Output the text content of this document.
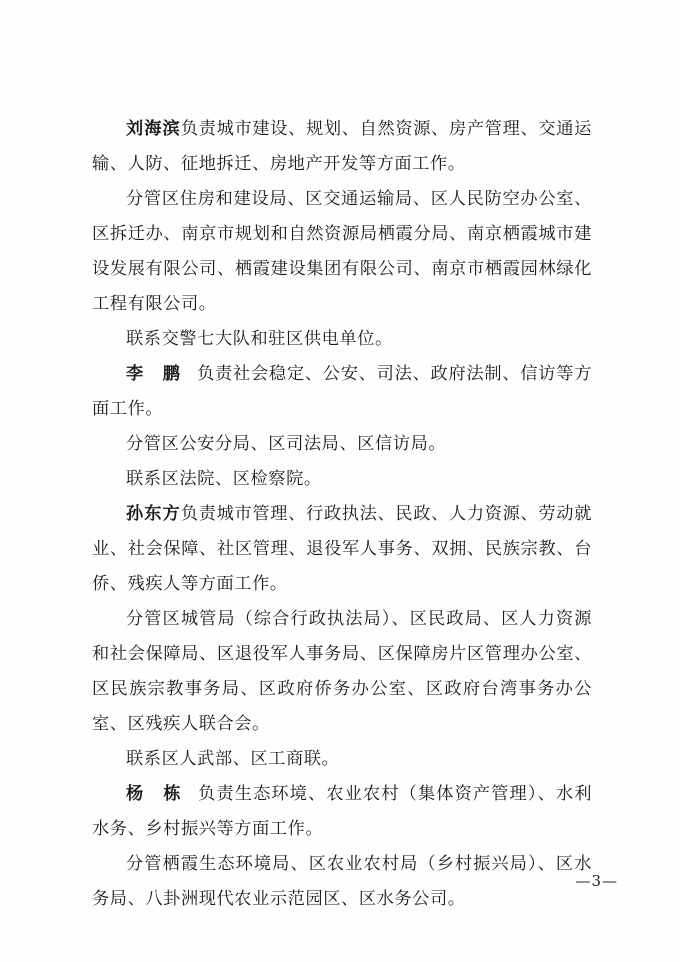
刘海滨负责城市建设、规划、自然资源、房产管理、交通运输、人防、征地拆迁、房地产开发等方面工作。

分管区住房和建设局、区交通运输局、区人民防空办公室、区拆迁办、南京市规划和自然资源局栖霞分局、南京栖霞城市建设发展有限公司、栖霞建设集团有限公司、南京市栖霞园林绿化工程有限公司。

联系交警七大队和驻区供电单位。

李　鹏 负责社会稳定、公安、司法、政府法制、信访等方面工作。

分管区公安分局、区司法局、区信访局。

联系区法院、区检察院。

孙东方负责城市管理、行政执法、民政、人力资源、劳动就业、社会保障、社区管理、退役军人事务、双拥、民族宗教、台侨、残疾人等方面工作。

分管区城管局（综合行政执法局）、区民政局、区人力资源和社会保障局、区退役军人事务局、区保障房片区管理办公室、区民族宗教事务局、区政府侨务办公室、区政府台湾事务办公室、区残疾人联合会。

联系区人武部、区工商联。

杨　栋 负责生态环境、农业农村（集体资产管理）、水利水务、乡村振兴等方面工作。

分管栖霞生态环境局、区农业农村局（乡村振兴局）、区水务局、八卦洲现代农业示范园区、区水务公司。

—3—
